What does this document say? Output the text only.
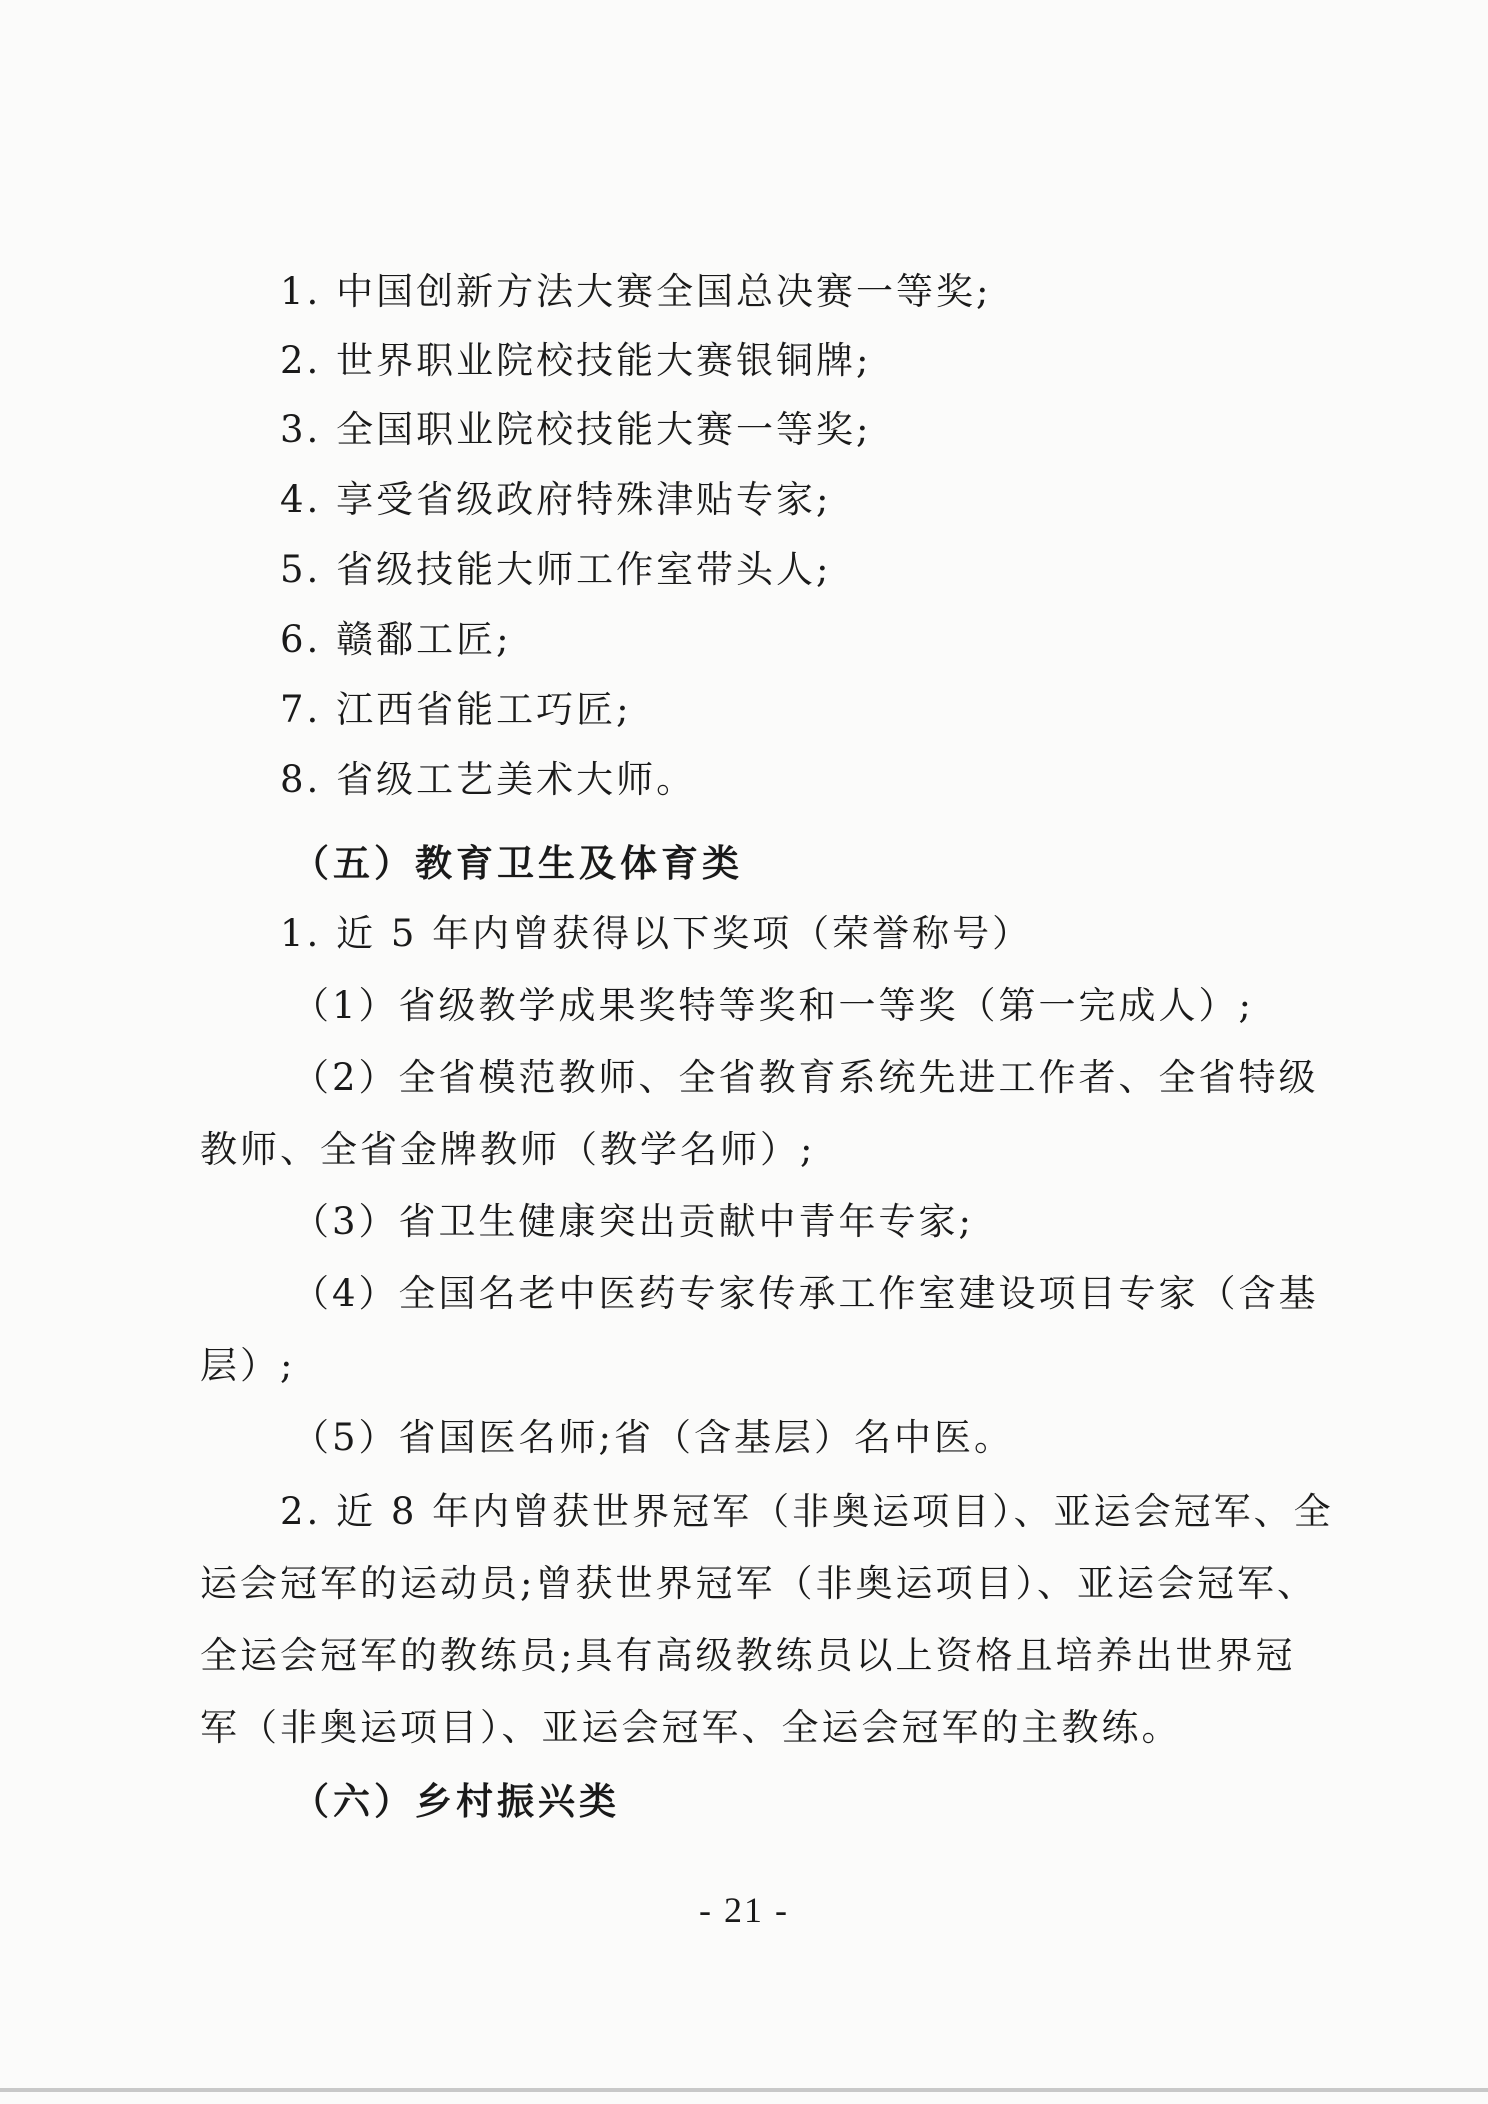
1. 中国创新方法大赛全国总决赛一等奖;
2. 世界职业院校技能大赛银铜牌;
3. 全国职业院校技能大赛一等奖;
4. 享受省级政府特殊津贴专家;
5. 省级技能大师工作室带头人;
6. 赣鄱工匠;
7. 江西省能工巧匠;
8. 省级工艺美术大师。
（五）教育卫生及体育类
1. 近 5 年内曾获得以下奖项（荣誉称号）
（1）省级教学成果奖特等奖和一等奖（第一完成人）;
（2）全省模范教师、全省教育系统先进工作者、全省特级
教师、全省金牌教师（教学名师）;
（3）省卫生健康突出贡献中青年专家;
（4）全国名老中医药专家传承工作室建设项目专家（含基
层）;
（5）省国医名师;省（含基层）名中医。
2. 近 8 年内曾获世界冠军（非奥运项目）、亚运会冠军、全
运会冠军的运动员;曾获世界冠军（非奥运项目）、亚运会冠军、
全运会冠军的教练员;具有高级教练员以上资格且培养出世界冠
军（非奥运项目）、亚运会冠军、全运会冠军的主教练。
（六）乡村振兴类
- 21 -
